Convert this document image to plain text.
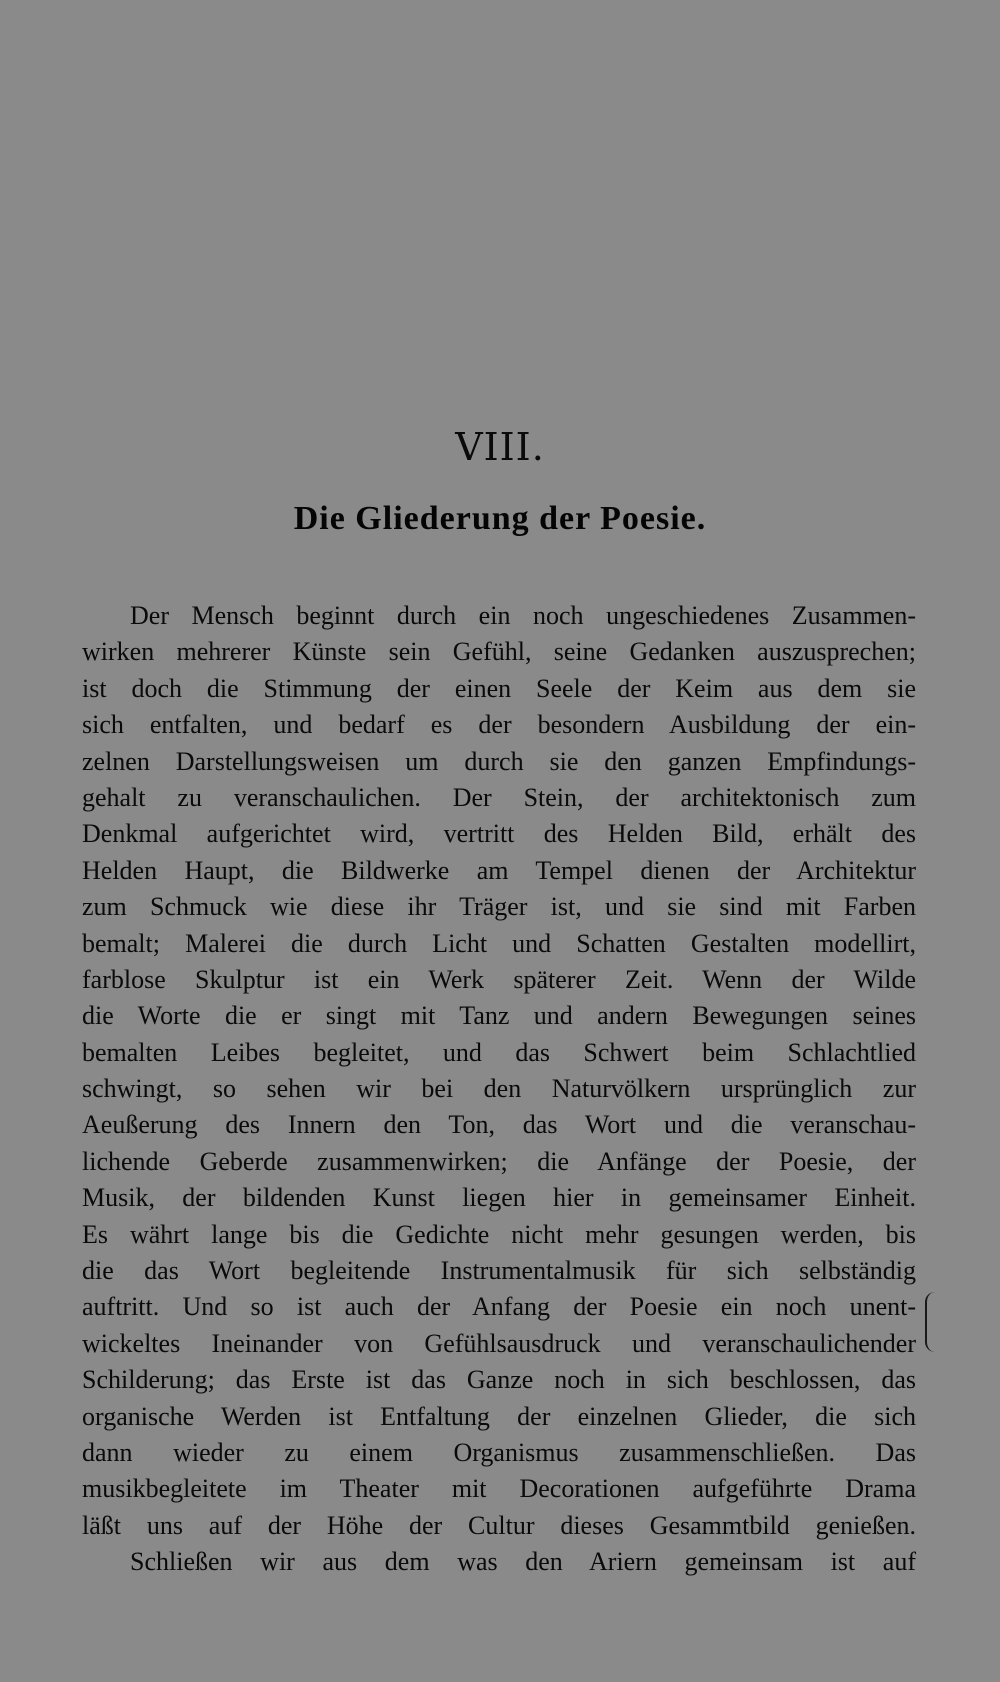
VIII.
Die Gliederung der Poesie.
Der Mensch beginnt durch ein noch ungeschiedenes Zusammen-
wirken mehrerer Künste sein Gefühl, seine Gedanken auszusprechen;
ist doch die Stimmung der einen Seele der Keim aus dem sie
sich entfalten, und bedarf es der besondern Ausbildung der ein-
zelnen Darstellungsweisen um durch sie den ganzen Empfindungs-
gehalt zu veranschaulichen. Der Stein, der architektonisch zum
Denkmal aufgerichtet wird, vertritt des Helden Bild, erhält des
Helden Haupt, die Bildwerke am Tempel dienen der Architektur
zum Schmuck wie diese ihr Träger ist, und sie sind mit Farben
bemalt; Malerei die durch Licht und Schatten Gestalten modellirt,
farblose Skulptur ist ein Werk späterer Zeit. Wenn der Wilde
die Worte die er singt mit Tanz und andern Bewegungen seines
bemalten Leibes begleitet, und das Schwert beim Schlachtlied
schwingt, so sehen wir bei den Naturvölkern ursprünglich zur
Aeußerung des Innern den Ton, das Wort und die veranschau-
lichende Geberde zusammenwirken; die Anfänge der Poesie, der
Musik, der bildenden Kunst liegen hier in gemeinsamer Einheit.
Es währt lange bis die Gedichte nicht mehr gesungen werden, bis
die das Wort begleitende Instrumentalmusik für sich selbständig
auftritt. Und so ist auch der Anfang der Poesie ein noch unent-
wickeltes Ineinander von Gefühlsausdruck und veranschaulichender
Schilderung; das Erste ist das Ganze noch in sich beschlossen, das
organische Werden ist Entfaltung der einzelnen Glieder, die sich
dann wieder zu einem Organismus zusammenschließen. Das
musikbegleitete im Theater mit Decorationen aufgeführte Drama
läßt uns auf der Höhe der Cultur dieses Gesammtbild genießen.
Schließen wir aus dem was den Ariern gemeinsam ist auf
